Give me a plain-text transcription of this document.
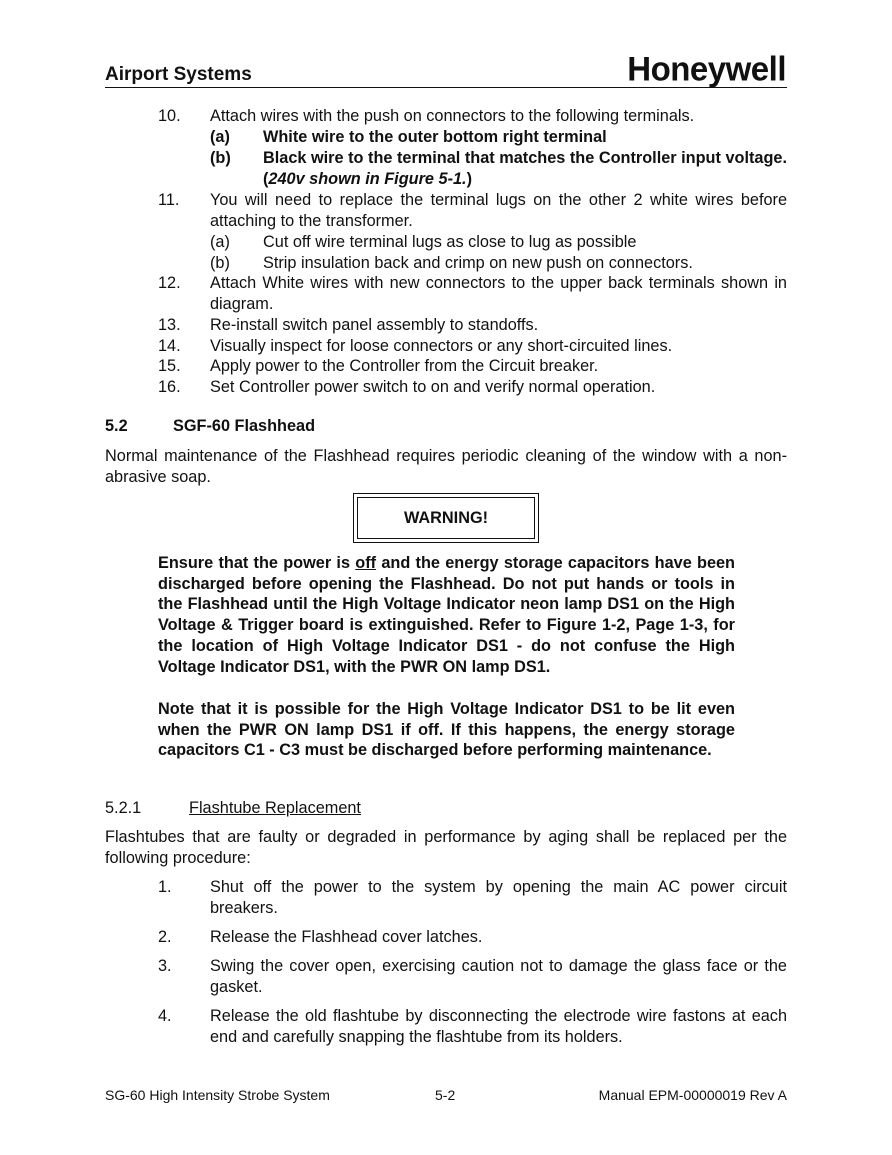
Airport Systems	Honeywell
10. Attach wires with the push on connectors to the following terminals.
(a) White wire to the outer bottom right terminal
(b) Black wire to the terminal that matches the Controller input voltage. (240v shown in Figure 5-1.)
11. You will need to replace the terminal lugs on the other 2 white wires before attaching to the transformer.
(a) Cut off wire terminal lugs as close to lug as possible
(b) Strip insulation back and crimp on new push on connectors.
12. Attach White wires with new connectors to the upper back terminals shown in diagram.
13. Re-install switch panel assembly to standoffs.
14. Visually inspect for loose connectors or any short-circuited lines.
15. Apply power to the Controller from the Circuit breaker.
16. Set Controller power switch to on and verify normal operation.
5.2	SGF-60 Flashhead
Normal maintenance of the Flashhead requires periodic cleaning of the window with a non-abrasive soap.
WARNING!
Ensure that the power is off and the energy storage capacitors have been discharged before opening the Flashhead. Do not put hands or tools in the Flashhead until the High Voltage Indicator neon lamp DS1 on the High Voltage & Trigger board is extinguished. Refer to Figure 1-2, Page 1-3, for the location of High Voltage Indicator DS1 - do not confuse the High Voltage Indicator DS1, with the PWR ON lamp DS1.
Note that it is possible for the High Voltage Indicator DS1 to be lit even when the PWR ON lamp DS1 if off. If this happens, the energy storage capacitors C1 - C3 must be discharged before performing maintenance.
5.2.1	Flashtube Replacement
Flashtubes that are faulty or degraded in performance by aging shall be replaced per the following procedure:
1. Shut off the power to the system by opening the main AC power circuit breakers.
2. Release the Flashhead cover latches.
3. Swing the cover open, exercising caution not to damage the glass face or the gasket.
4. Release the old flashtube by disconnecting the electrode wire fastons at each end and carefully snapping the flashtube from its holders.
SG-60 High Intensity Strobe System	5-2	Manual EPM-00000019 Rev A
